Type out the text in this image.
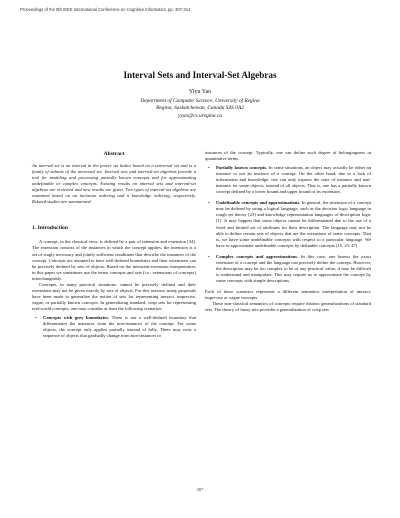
Proceedings of the 8th IEEE International Conference on Cognitive Informatics, pp. 307-314
Interval Sets and Interval-Set Algebras
Yiyu Yao
Department of Computer Science, University of Regina
Regina, Saskatchewan, Canada S4S 0A2
yyao@cs.uregina.ca
Abstract
An interval set is an interval in the power set lattice based on a universal set and is a family of subsets of the universal set. Interval sets and interval-set algebras provide a tool for modeling and processing partially known concepts and for approximating undefinable or complex concepts. Existing results on interval sets and interval-set algebras are reviewed and new results are given. Two types of interval-set algebras are examined based on an inclusion ordering and a knowledge ordering, respectively. Related studies are summarized.
1. Introduction

A concept, in the classical view, is defined by a pair of intension and extension [34]. The extension consists of the instances to which the concept applies; the intension is a set of singly necessary and jointly sufficient conditions that describe the instances of the concept. Concepts are assumed to have well-defined boundaries and their extensions can be precisely defined by sets of objects. Based on the intension-extension interpretation, in this paper we sometimes use the terms concepts and sets (i.e., extensions of concepts) interchangeably.

Concepts, in many practical situations, cannot be precisely defined and their extensions may not be given exactly by sets of objects. For this reasons, many proposals have been made to generalize the notion of sets for representing inexact, imprecise, vague, or partially known concepts. In generalizing standard, crisp sets for representing real-world concepts, one may consider at least the following scenarios:

• Concepts with grey boundaries. There is not a well-defined boundary that differentiates the instances from the non-instances of the concept. For some objects, the concept only applies partially instead of fully. There may exist a sequence of objects that gradually change from non-instances to

instances of the concept. Typically, one can define such degree of belongingness in quantitative terms.

• Partially known concepts. In some situations, an object may actually be either an instance or not an instance of a concept. On the other hand, due to a lack of information and knowledge, one can only express the state of instance and non-instance for some objects, instead of all objects. That is, one has a partially known concept defined by a lower bound and upper bound of its extension.
• Undefinable concepts and approximations. In general, the intension of a concept may be defined by using a logical language, such as the decision logic language in rough set theory [23] and knowledge representation languages of description logic [1]. It may happen that some objects cannot be differentiated due to the use of a fixed and limited set of attributes for their description. The language may not be able to define certain sets of objects that are the extensions of some concepts. That is, we have some undefinable concepts with respect to a particular language. We have to approximate undefinable concepts by definable concepts [15, 23, 47].
• Complex concepts and approximations. In this case, one knows the exact extension of a concept and the language can precisely define the concept. However, the description may be too complex to be of any practical value; it may be difficult to understand and manipulate. This may require us to approximate the concept by some concepts with simple descriptions.

Each of these scenarios represents a different semantics interpretation of inexact, imprecise or vague concepts.

These non-classical semantics of concepts require distinct generalizations of standard sets. The theory of fuzzy sets provides a generalization of crisp sets

307
